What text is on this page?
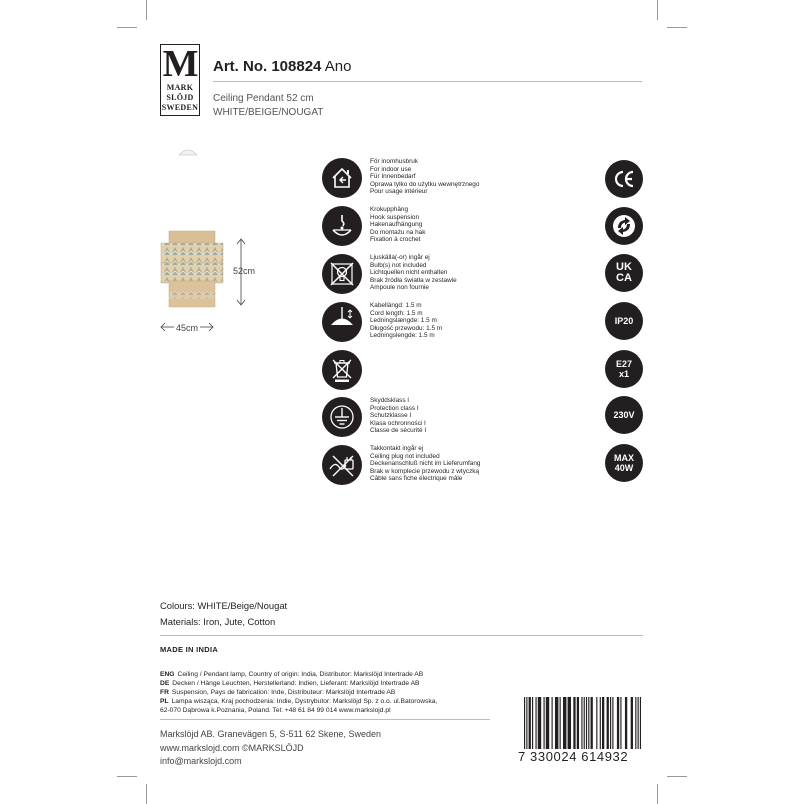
M
MARK
SLÖJD
SWEDEN
Art. No. 108824 Ano
Ceiling Pendant 52 cm
WHITE/BEIGE/NOUGAT
52cm
45cm
För inomhusbruk
For indoor use
Für Innenbedarf
Oprawa tylko do użytku wewnętrznego
Pour usage intérieur
Krokupphäng
Hook suspension
Hakenaufhängung
Do montażu na hak
Fixation à crochet
Ljuskälla(-or) ingår ej
Bulb(s) not included
Lichtquellen nicht enthalten
Brak źródła światła w zestawie
Ampoule non fournie
Kabellängd: 1.5 m
Cord length: 1.5 m
Ledningslængde: 1.5 m
Długość przewodu: 1.5 m
Ledningslengde: 1.5 m
Skyddsklass I
Protection class I
Schutzklasse I
Klasa ochronności I
Classe de sécurité I
Takkontakt ingår ej
Ceiling plug not included
Deckenanschluß nicht im Lieferumfang
Brak w komplecie przewodu z wtyczką
Câble sans fiche électrique mâle
UK
CA
IP20
E27
x1
230V
MAX
40W
Colours: WHITE/Beige/Nougat
Materials: Iron, Jute, Cotton
MADE IN INDIA
ENG Ceiling / Pendant lamp, Country of origin: India, Distributor: Markslöjd Intertrade AB
DE Decken / Hänge Leuchten, Herstellerland: Indien, Lieferant: Markslöjd Intertrade AB
FR Suspension, Pays de fabrication: Inde, Distributeur: Markslöjd Intertrade AB
PL Lampa wisząca, Kraj pochodzenia: Indie, Dystrybutor: Markslöjd Sp. z o.o. ul.Batorowska,
62-070 Dąbrowa k.Poznania, Poland. Tel: +48 61 84 99 014 www.markslojd.pl
Markslöjd AB. Granevägen 5, S-511 62 Skene, Sweden
www.markslojd.com ©MARKSLÖJD
info@markslojd.com	7 330024 614932
